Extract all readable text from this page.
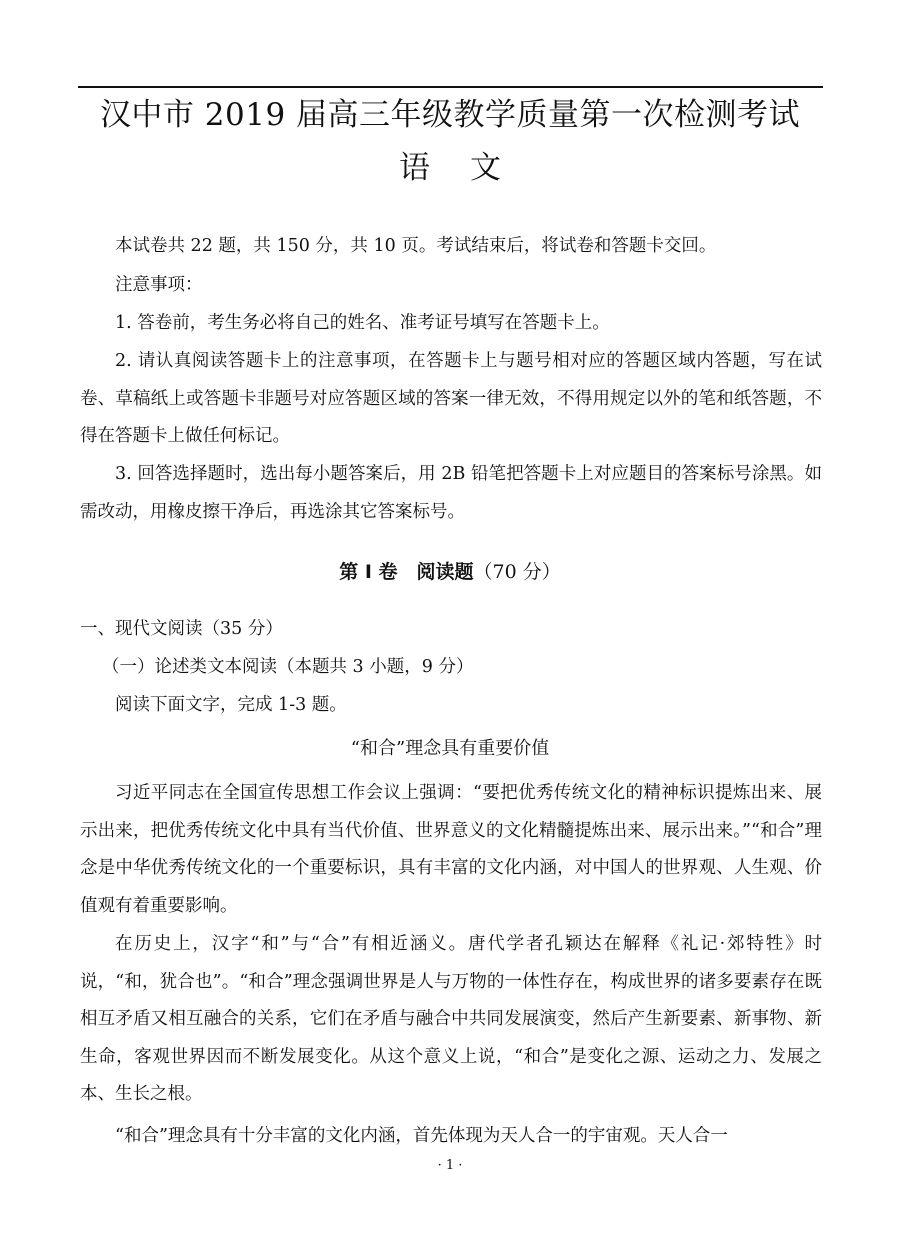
汉中市 2019 届高三年级教学质量第一次检测考试
语文

本试卷共 22 题，共 150 分，共 10 页。考试结束后，将试卷和答题卡交回。

注意事项：

1. 答卷前，考生务必将自己的姓名、准考证号填写在答题卡上。

2. 请认真阅读答题卡上的注意事项，在答题卡上与题号相对应的答题区域内答题，写在试卷、草稿纸上或答题卡非题号对应答题区域的答案一律无效，不得用规定以外的笔和纸答题，不得在答题卡上做任何标记。

3. 回答选择题时，选出每小题答案后，用 2B 铅笔把答题卡上对应题目的答案标号涂黑。如需改动，用橡皮擦干净后，再选涂其它答案标号。

第 I 卷　阅读题（70 分）

一、现代文阅读（35 分）

（一）论述类文本阅读（本题共 3 小题，9 分）

阅读下面文字，完成 1-3 题。

“和合”理念具有重要价值

习近平同志在全国宣传思想工作会议上强调：“要把优秀传统文化的精神标识提炼出来、展示出来，把优秀传统文化中具有当代价值、世界意义的文化精髓提炼出来、展示出来。”“和合”理念是中华优秀传统文化的一个重要标识，具有丰富的文化内涵，对中国人的世界观、人生观、价值观有着重要影响。

在历史上，汉字“和”与“合”有相近涵义。唐代学者孔颖达在解释《礼记·郊特牲》时说，“和，犹合也”。“和合”理念强调世界是人与万物的一体性存在，构成世界的诸多要素存在既相互矛盾又相互融合的关系，它们在矛盾与融合中共同发展演变，然后产生新要素、新事物、新生命，客观世界因而不断发展变化。从这个意义上说，“和合”是变化之源、运动之力、发展之本、生长之根。

“和合”理念具有十分丰富的文化内涵，首先体现为天人合一的宇宙观。天人合一

· 1 ·
